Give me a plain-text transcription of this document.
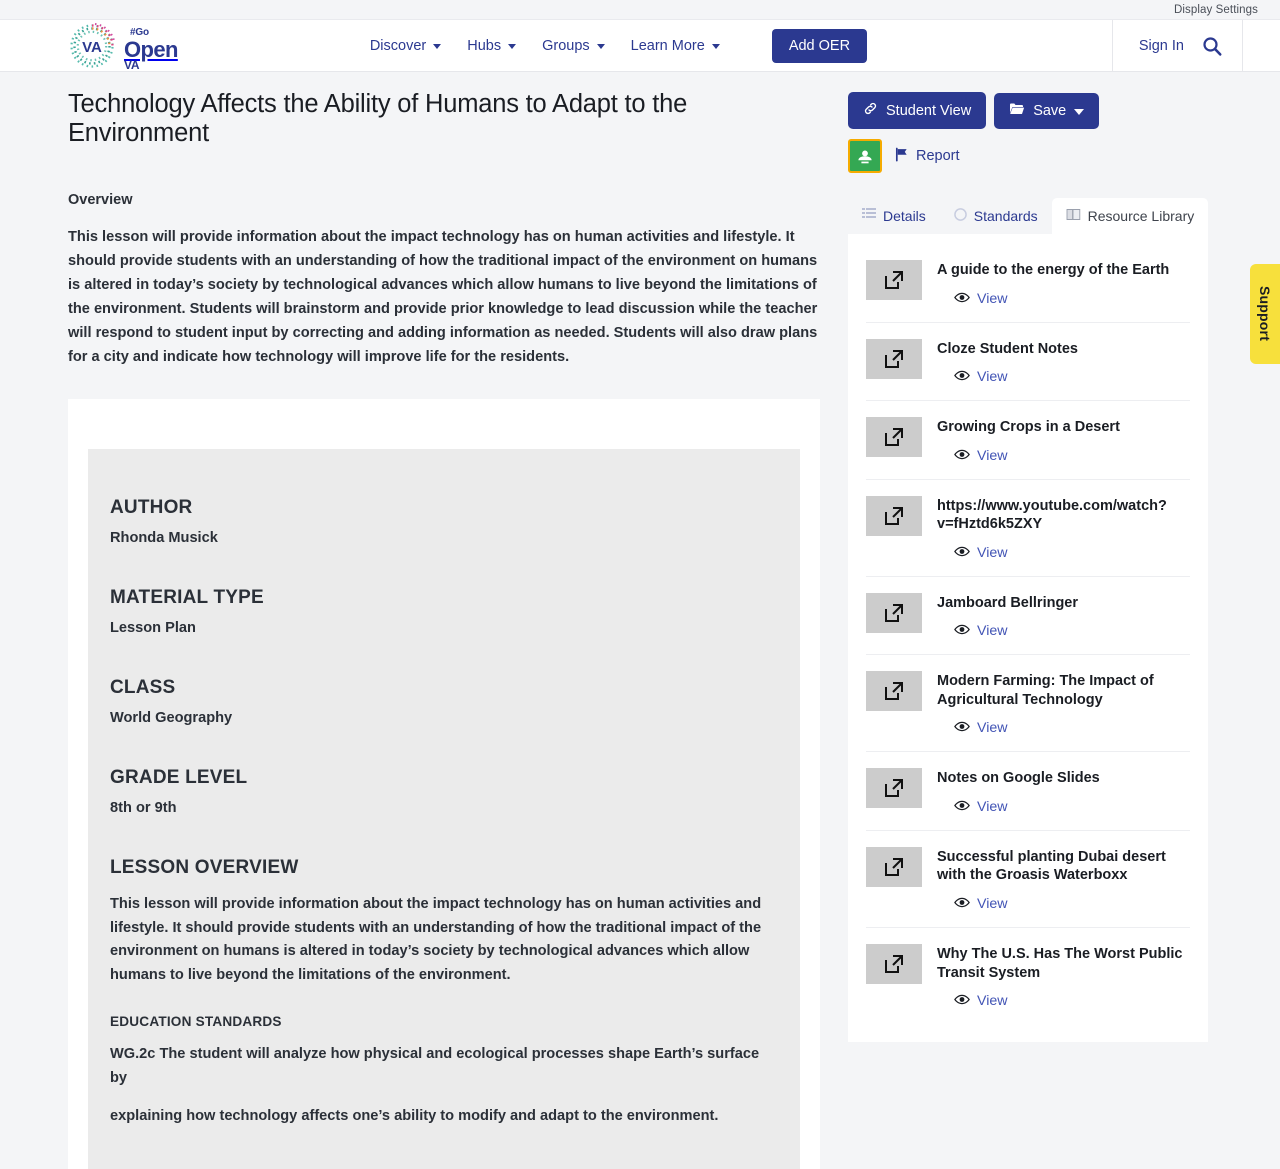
Display Settings
VA
#Go
Open
VA
Discover	Hubs	Groups	Learn More	Add OER	Sign In
Technology Affects the Ability of Humans to Adapt to the Environment
Overview

This lesson will provide information about the impact technology has on human activities and lifestyle. It should provide students with an understanding of how the traditional impact of the environment on humans is altered in today’s society by technological advances which allow humans to live beyond the limitations of the environment. Students will brainstorm and provide prior knowledge to lead discussion while the teacher will respond to student input by correcting and adding information as needed. Students will also draw plans for a city and indicate how technology will improve life for the residents.

AUTHOR
Rhonda Musick
MATERIAL TYPE
Lesson Plan
CLASS
World Geography
GRADE LEVEL
8th or 9th
LESSON OVERVIEW

This lesson will provide information about the impact technology has on human activities and lifestyle. It should provide students with an understanding of how the traditional impact of the environment on humans is altered in today’s society by technological advances which allow humans to live beyond the limitations of the environment.

EDUCATION STANDARDS

WG.2c The student will analyze how physical and ecological processes shape Earth’s surface by

explaining how technology affects one’s ability to modify and adapt to the environment.

Student View	Save
Report
Details	Standards	Resource Library
A guide to the energy of the Earth
View
Cloze Student Notes
View
Growing Crops in a Desert
View
https://www.youtube.com/watch?v=fHztd6k5ZXY
View
Jamboard Bellringer
View
Modern Farming: The Impact of Agricultural Technology
View
Notes on Google Slides
View
Successful planting Dubai desert with the Groasis Waterboxx
View
Why The U.S. Has The Worst Public Transit System
View
Support
